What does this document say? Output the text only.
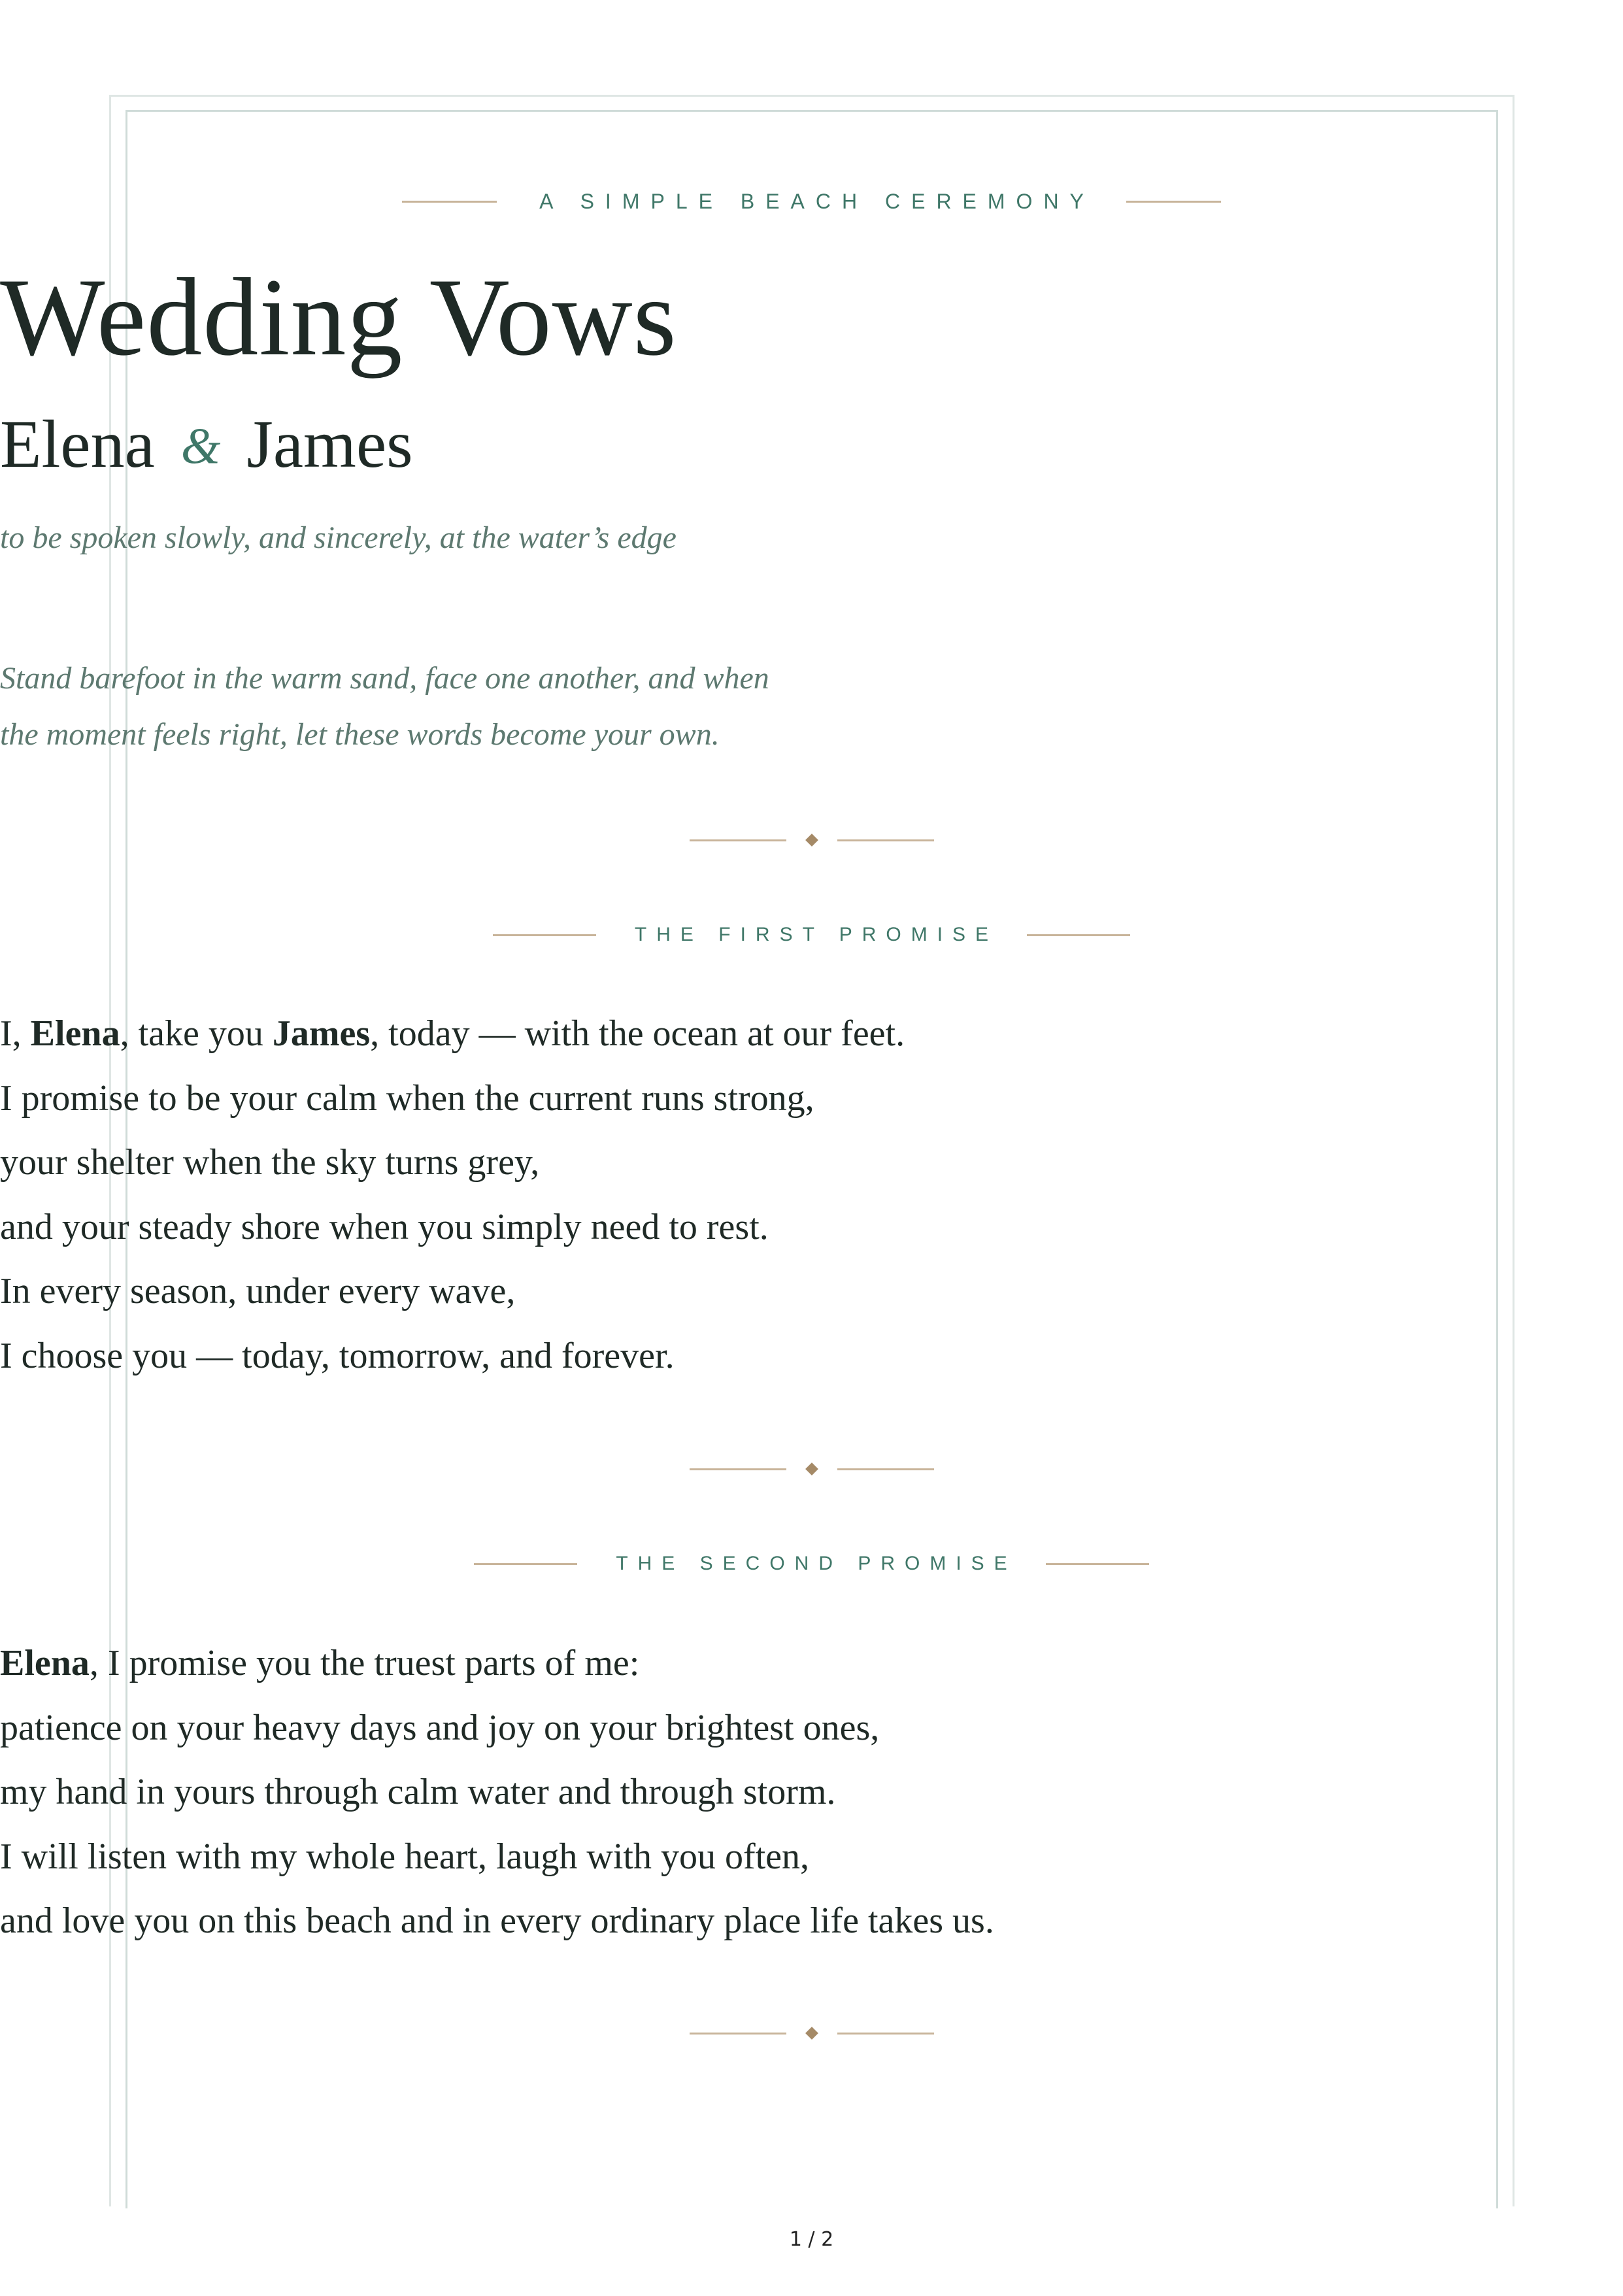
A SIMPLE BEACH CEREMONY
Wedding Vows
Elena & James
to be spoken slowly, and sincerely, at the water’s edge
Stand barefoot in the warm sand, face one another, and when
the moment feels right, let these words become your own.
THE FIRST PROMISE
I, Elena, take you James, today — with the ocean at our feet.
I promise to be your calm when the current runs strong,
your shelter when the sky turns grey,
and your steady shore when you simply need to rest.
In every season, under every wave,
I choose you — today, tomorrow, and forever.
THE SECOND PROMISE
Elena, I promise you the truest parts of me:
patience on your heavy days and joy on your brightest ones,
my hand in yours through calm water and through storm.
I will listen with my whole heart, laugh with you often,
and love you on this beach and in every ordinary place life takes us.
1 / 2
